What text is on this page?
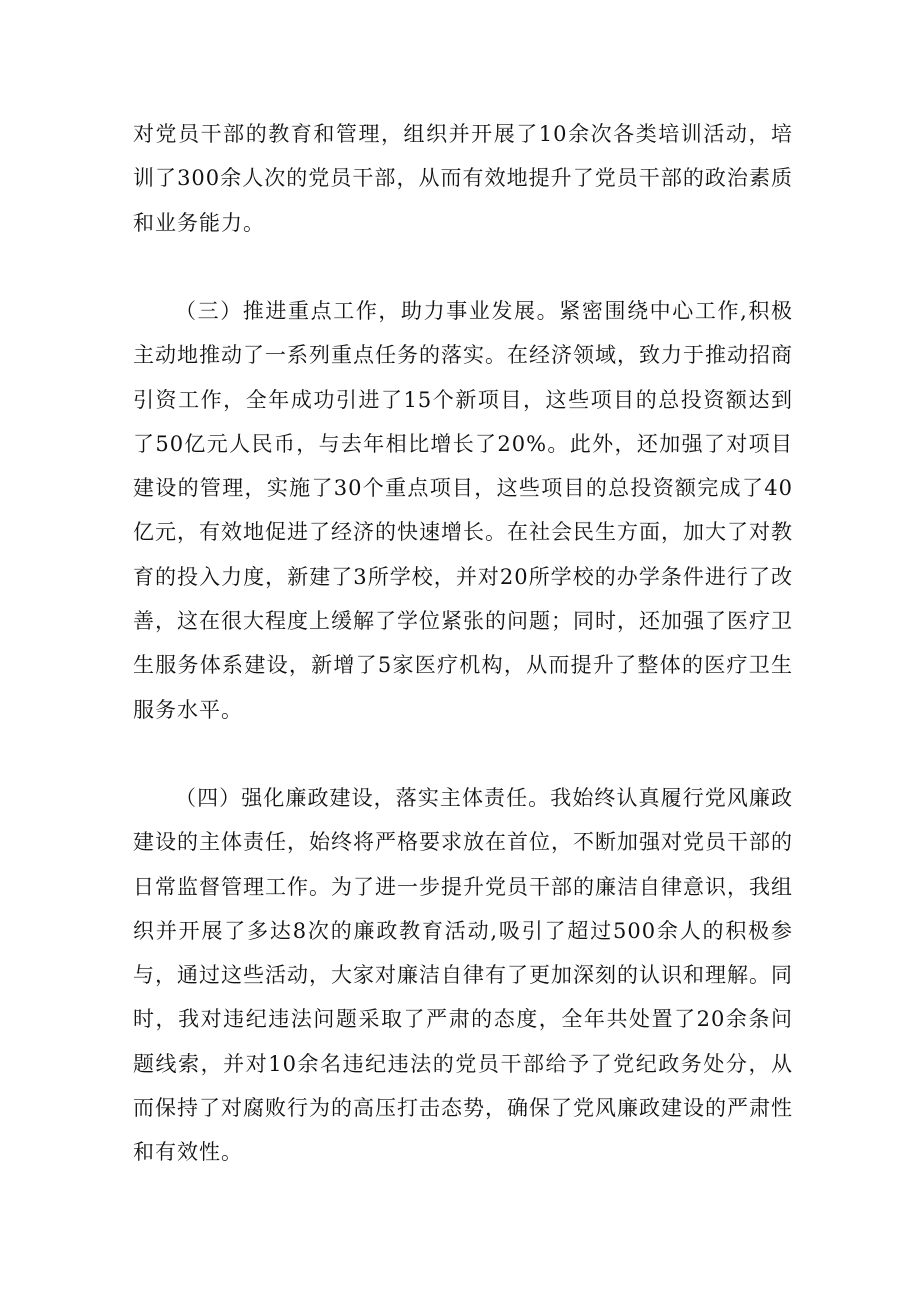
对党员干部的教育和管理，组织并开展了10余次各类培训活动，培训了300余人次的党员干部，从而有效地提升了党员干部的政治素质和业务能力。

（三）推进重点工作，助力事业发展。紧密围绕中心工作,积极主动地推动了一系列重点任务的落实。在经济领域，致力于推动招商引资工作，全年成功引进了15个新项目，这些项目的总投资额达到了50亿元人民币，与去年相比增长了20%。此外，还加强了对项目建设的管理，实施了30个重点项目，这些项目的总投资额完成了40亿元，有效地促进了经济的快速增长。在社会民生方面，加大了对教育的投入力度，新建了3所学校，并对20所学校的办学条件进行了改善，这在很大程度上缓解了学位紧张的问题；同时，还加强了医疗卫生服务体系建设，新增了5家医疗机构，从而提升了整体的医疗卫生服务水平。

（四）强化廉政建设，落实主体责任。我始终认真履行党风廉政建设的主体责任，始终将严格要求放在首位，不断加强对党员干部的日常监督管理工作。为了进一步提升党员干部的廉洁自律意识，我组织并开展了多达8次的廉政教育活动,吸引了超过500余人的积极参与，通过这些活动，大家对廉洁自律有了更加深刻的认识和理解。同时，我对违纪违法问题采取了严肃的态度，全年共处置了20余条问题线索，并对10余名违纪违法的党员干部给予了党纪政务处分，从而保持了对腐败行为的高压打击态势，确保了党风廉政建设的严肃性和有效性。
